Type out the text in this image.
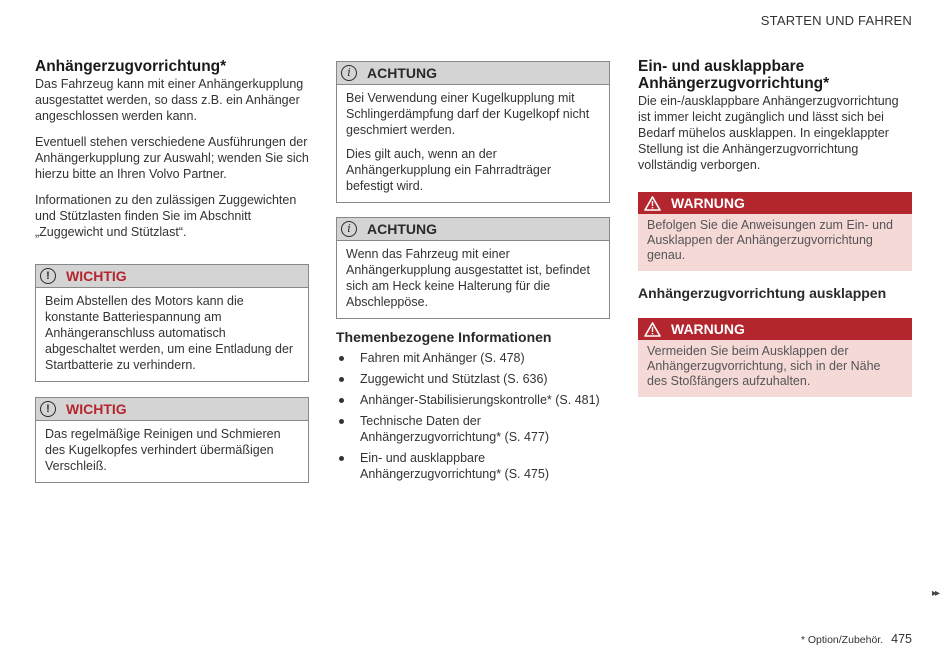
STARTEN UND FAHREN
Anhängerzugvorrichtung*

Das Fahrzeug kann mit einer Anhängerkupplung ausgestattet werden, so dass z.B. ein Anhänger angeschlossen werden kann.

Eventuell stehen verschiedene Ausführungen der Anhängerkupplung zur Auswahl; wenden Sie sich hierzu bitte an Ihren Volvo Partner.

Informationen zu den zulässigen Zuggewichten und Stützlasten finden Sie im Abschnitt „Zuggewicht und Stützlast“.

!	WICHTIG

Beim Abstellen des Motors kann die konstante Batteriespannung am Anhängeranschluss automatisch abgeschaltet werden, um eine Entladung der Startbatterie zu verhindern.

!	WICHTIG

Das regelmäßige Reinigen und Schmieren des Kugelkopfes verhindert übermäßigen Verschleiß.

i	ACHTUNG

Bei Verwendung einer Kugelkupplung mit Schlingerdämpfung darf der Kugelkopf nicht geschmiert werden.

Dies gilt auch, wenn an der Anhängerkupplung ein Fahrradträger befestigt wird.

i	ACHTUNG

Wenn das Fahrzeug mit einer Anhängerkupplung ausgestattet ist, befindet sich am Heck keine Halterung für die Abschleppöse.

Themenbezogene Informationen
Fahren mit Anhänger (S. 478)
Zuggewicht und Stützlast (S. 636)
Anhänger-Stabilisierungskontrolle* (S. 481)
Technische Daten der Anhängerzugvorrichtung* (S. 477)
Ein- und ausklappbare Anhängerzugvorrichtung* (S. 475)
Ein- und ausklappbare Anhängerzugvorrichtung*

Die ein-/ausklappbare Anhängerzugvorrichtung ist immer leicht zugänglich und lässt sich bei Bedarf mühelos ausklappen. In eingeklappter Stellung ist die Anhängerzugvorrichtung vollständig verborgen.

WARNUNG

Befolgen Sie die Anweisungen zum Ein- und Ausklappen der Anhängerzugvorrichtung genau.

Anhängerzugvorrichtung ausklappen
WARNUNG

Vermeiden Sie beim Ausklappen der Anhängerzugvorrichtung, sich in der Nähe des Stoßfängers aufzuhalten.

▸▸
* Option/Zubehör. 475
